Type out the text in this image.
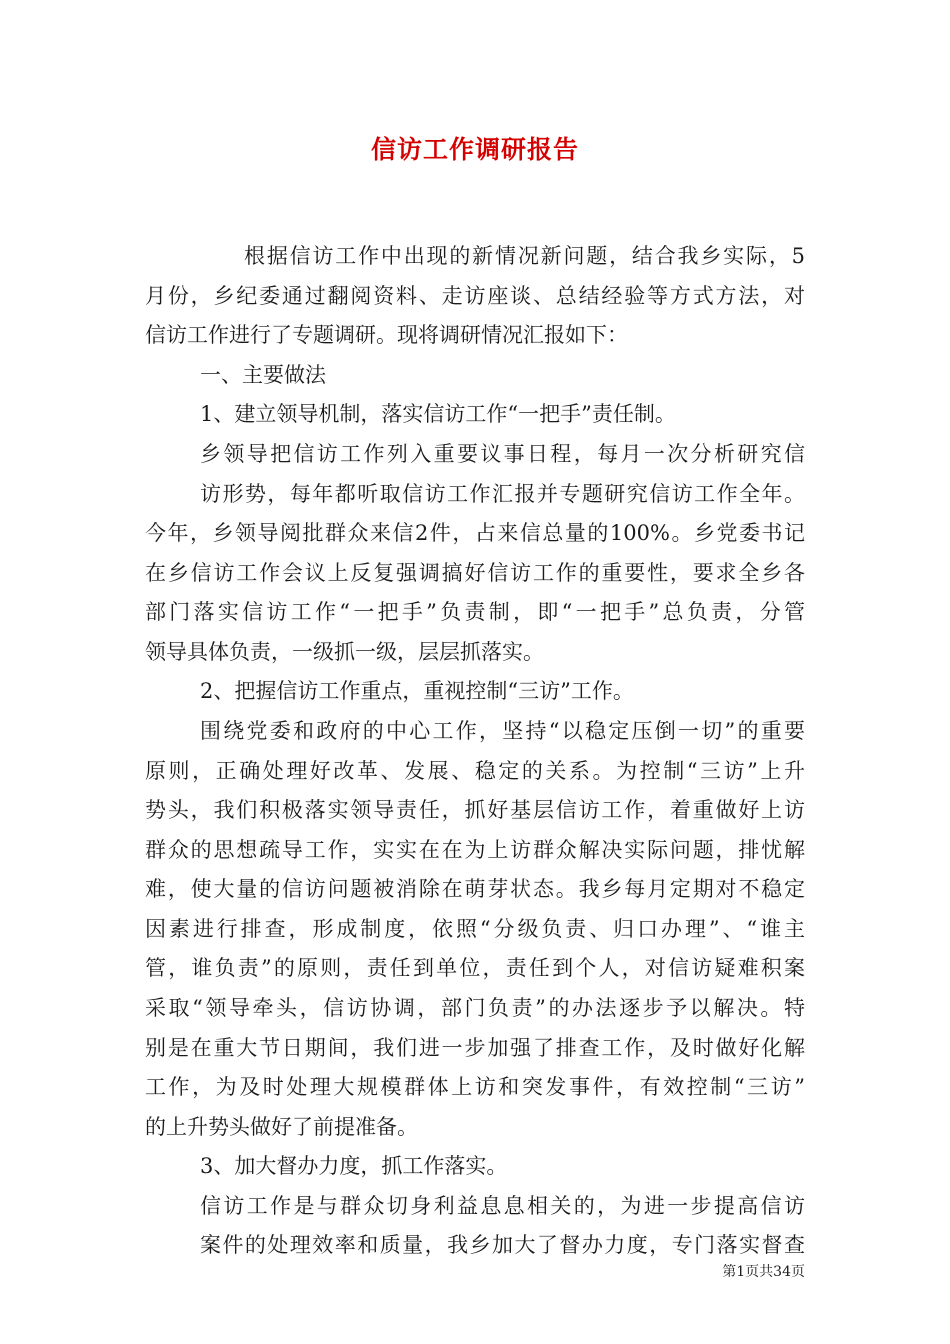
信访工作调研报告
根据信访工作中出现的新情况新问题，结合我乡实际，5
月份，乡纪委通过翻阅资料、走访座谈、总结经验等方式方法，对
信访工作进行了专题调研。现将调研情况汇报如下：
一、主要做法
1、建立领导机制，落实信访工作“一把手”责任制。
乡领导把信访工作列入重要议事日程，每月一次分析研究信
访形势，每年都听取信访工作汇报并专题研究信访工作全年。
今年，乡领导阅批群众来信2件，占来信总量的100%。乡党委书记
在乡信访工作会议上反复强调搞好信访工作的重要性，要求全乡各
部门落实信访工作“一把手”负责制，即“一把手”总负责，分管
领导具体负责，一级抓一级，层层抓落实。
2、把握信访工作重点，重视控制“三访”工作。
围绕党委和政府的中心工作，坚持“以稳定压倒一切”的重要
原则，正确处理好改革、发展、稳定的关系。为控制“三访”上升
势头，我们积极落实领导责任，抓好基层信访工作，着重做好上访
群众的思想疏导工作，实实在在为上访群众解决实际问题，排忧解
难，使大量的信访问题被消除在萌芽状态。我乡每月定期对不稳定
因素进行排查，形成制度，依照“分级负责、归口办理”、“谁主
管，谁负责”的原则，责任到单位，责任到个人，对信访疑难积案
采取“领导牵头，信访协调，部门负责”的办法逐步予以解决。特
别是在重大节日期间，我们进一步加强了排查工作，及时做好化解
工作，为及时处理大规模群体上访和突发事件，有效控制“三访”
的上升势头做好了前提准备。
3、加大督办力度，抓工作落实。
信访工作是与群众切身利益息息相关的，为进一步提高信访
案件的处理效率和质量，我乡加大了督办力度，专门落实督查
第1页共34页
